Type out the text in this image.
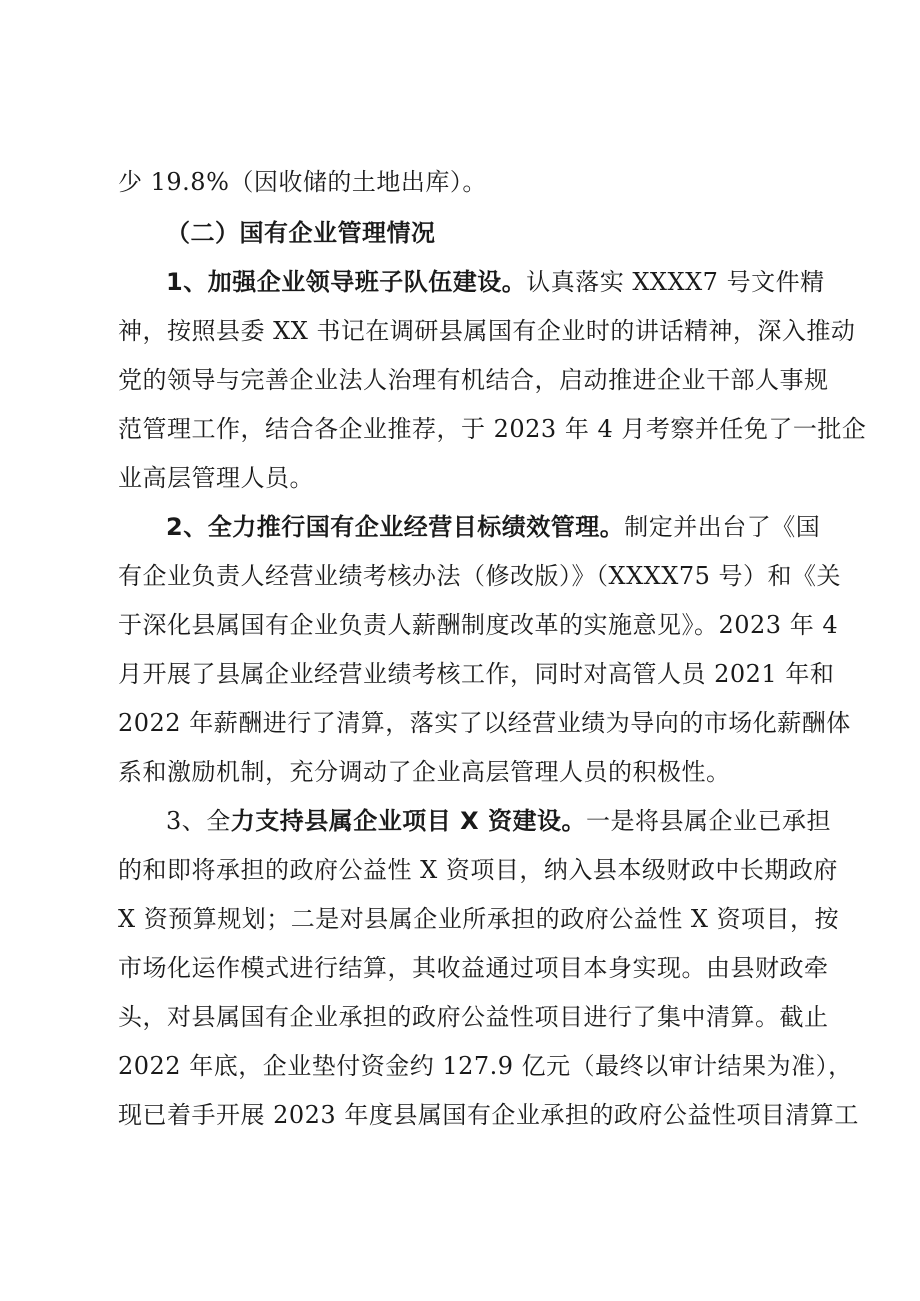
少 19.8%（因收储的土地出库）。
（二）国有企业管理情况
1、加强企业领导班子队伍建设。认真落实 XXXX7 号文件精
神，按照县委 XX 书记在调研县属国有企业时的讲话精神，深入推动
党的领导与完善企业法人治理有机结合，启动推进企业干部人事规
范管理工作，结合各企业推荐，于 2023 年 4 月考察并任免了一批企
业高层管理人员。
2、全力推行国有企业经营目标绩效管理。制定并出台了《国
有企业负责人经营业绩考核办法（修改版）》（XXXX75 号）和《关
于深化县属国有企业负责人薪酬制度改革的实施意见》。2023 年 4
月开展了县属企业经营业绩考核工作，同时对高管人员 2021 年和
2022 年薪酬进行了清算，落实了以经营业绩为导向的市场化薪酬体
系和激励机制，充分调动了企业高层管理人员的积极性。
3、全力支持县属企业项目 X 资建设。一是将县属企业已承担
的和即将承担的政府公益性 X 资项目，纳入县本级财政中长期政府
X 资预算规划；二是对县属企业所承担的政府公益性 X 资项目，按
市场化运作模式进行结算，其收益通过项目本身实现。由县财政牵
头，对县属国有企业承担的政府公益性项目进行了集中清算。截止
2022 年底，企业垫付资金约 127.9 亿元（最终以审计结果为准），
现已着手开展 2023 年度县属国有企业承担的政府公益性项目清算工
